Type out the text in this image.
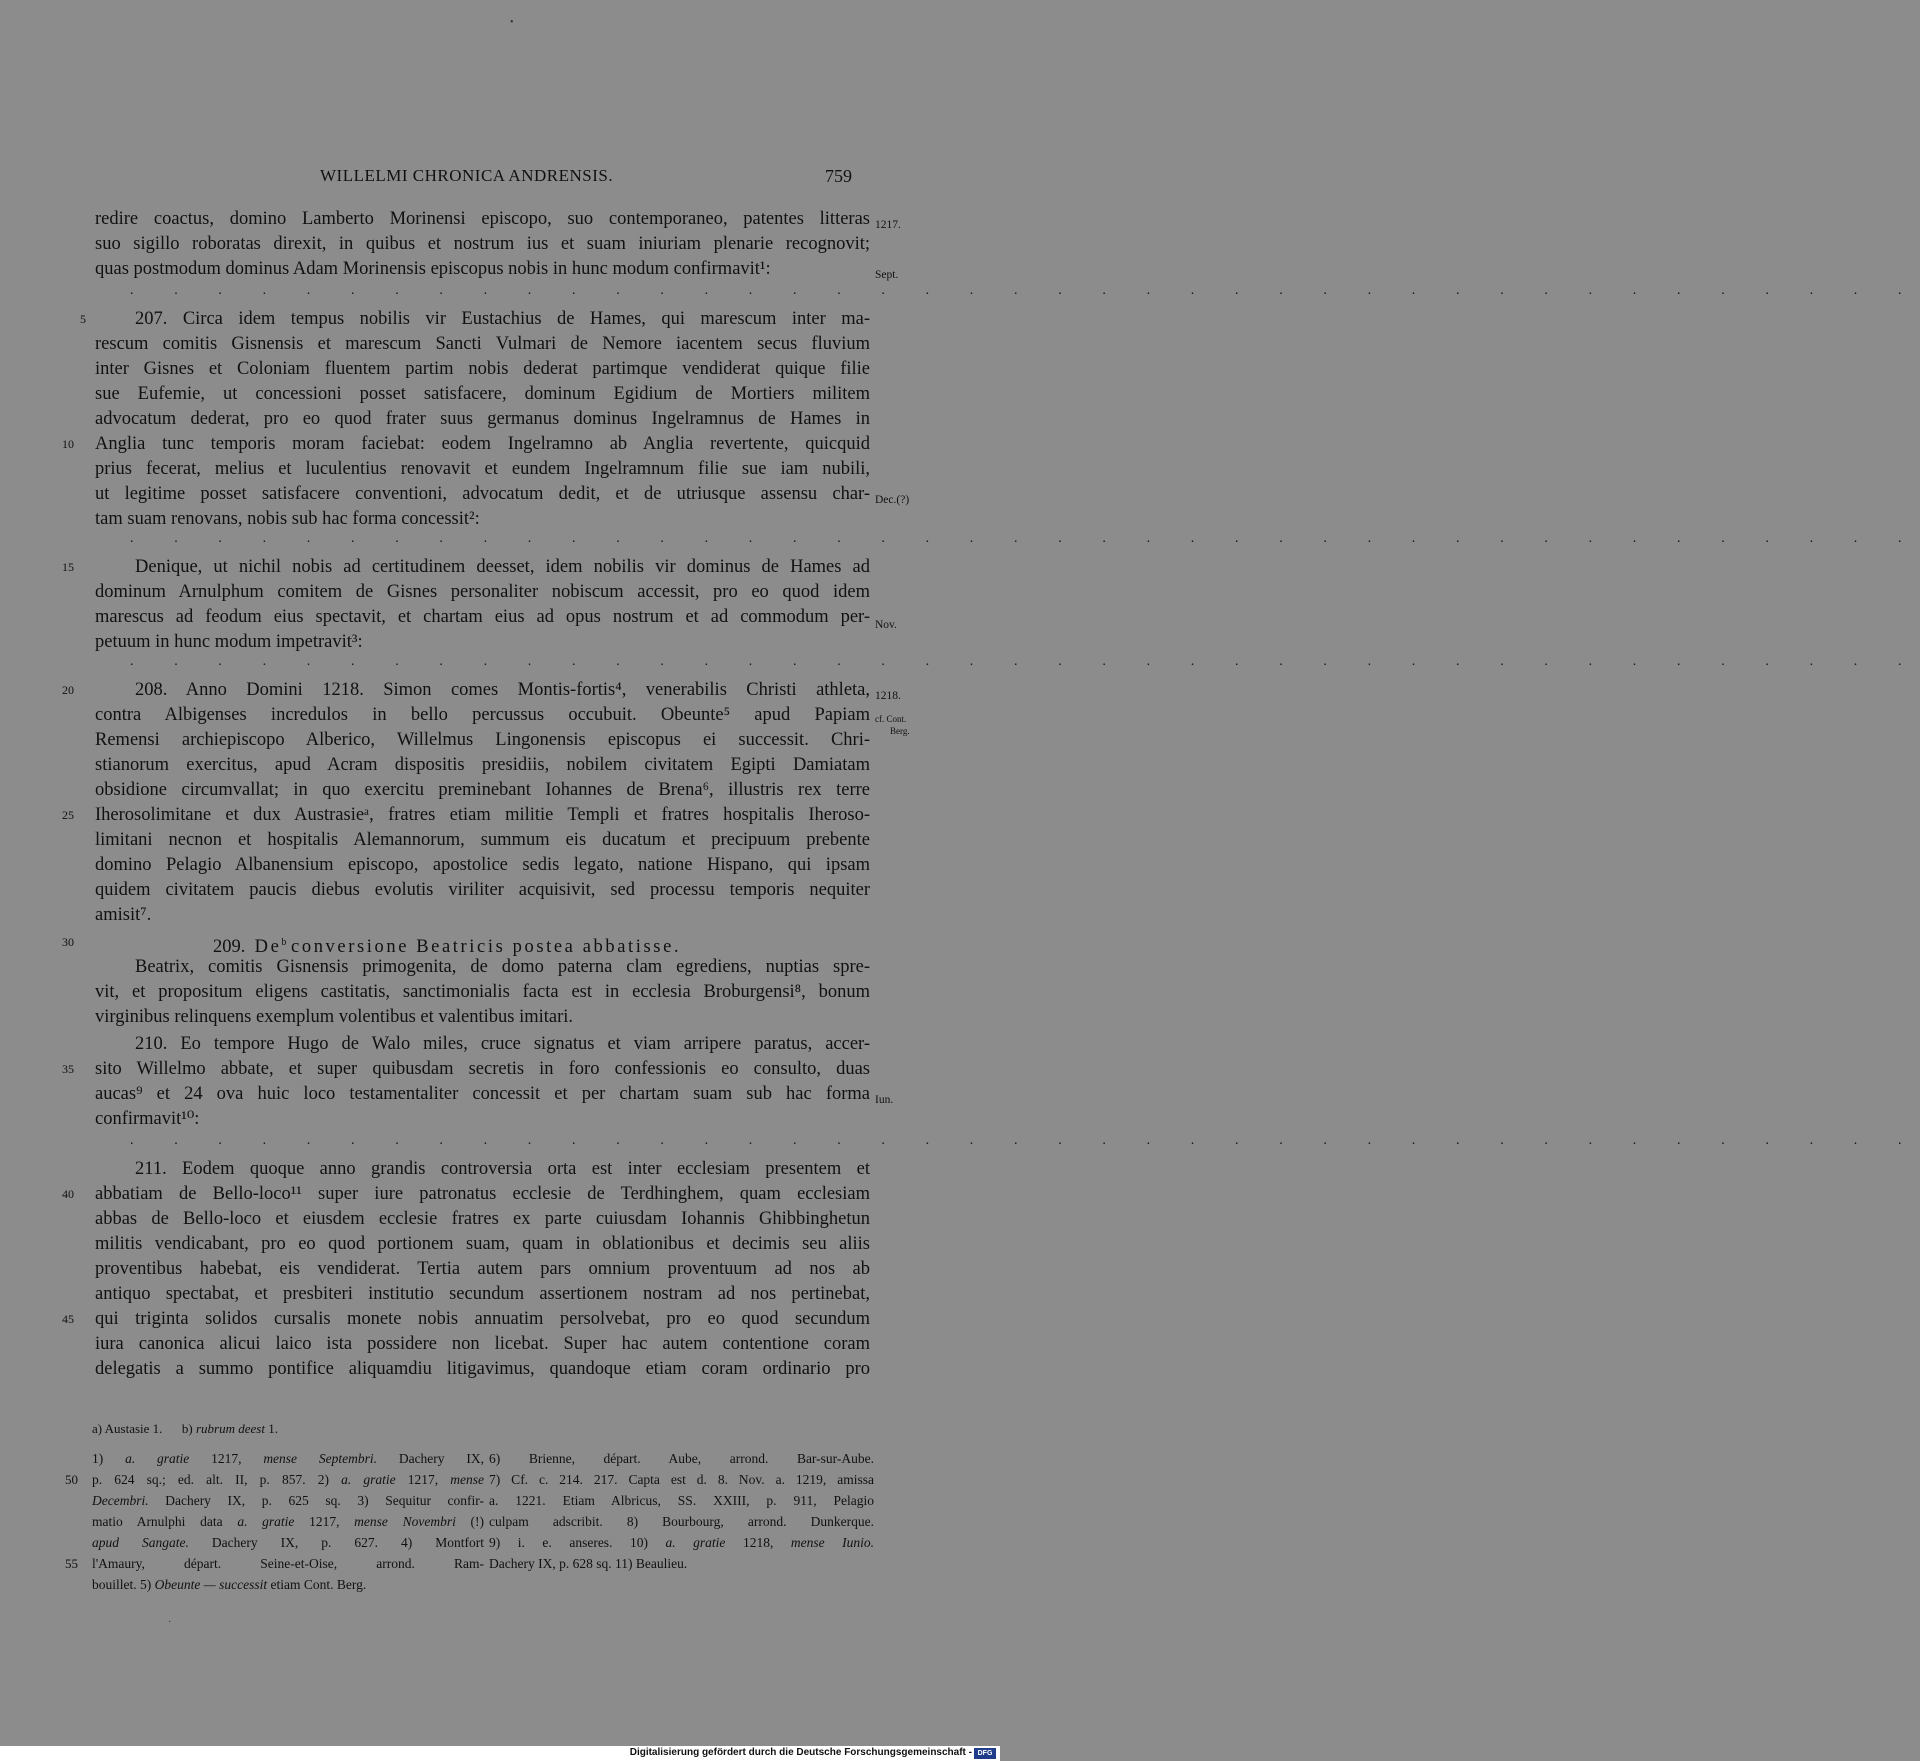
WILLELMI CHRONICA ANDRENSIS.	759
•
redire coactus, domino Lamberto Morinensi episcopo, suo contemporaneo, patentes litteras
suo sigillo roboratas direxit, in quibus et nostrum ius et suam iniuriam plenarie recognovit;
quas postmodum dominus Adam Morinensis episcopus nobis in hunc modum confirmavit¹:
. . . . . . . . . . . . . . . . . . . . . . . . . . . . . . . . . . . . . . . . .
207. Circa idem tempus nobilis vir Eustachius de Hames, qui marescum inter ma-
rescum comitis Gisnensis et marescum Sancti Vulmari de Nemore iacentem secus fluvium
inter Gisnes et Coloniam fluentem partim nobis dederat partimque vendiderat quique filie
sue Eufemie, ut concessioni posset satisfacere, dominum Egidium de Mortiers militem
advocatum dederat, pro eo quod frater suus germanus dominus Ingelramnus de Hames in
Anglia tunc temporis moram faciebat: eodem Ingelramno ab Anglia revertente, quicquid
prius fecerat, melius et luculentius renovavit et eundem Ingelramnum filie sue iam nubili,
ut legitime posset satisfacere conventioni, advocatum dedit, et de utriusque assensu char-
tam suam renovans, nobis sub hac forma concessit²:
. . . . . . . . . . . . . . . . . . . . . . . . . . . . . . . . . . . . . . . . .
Denique, ut nichil nobis ad certitudinem deesset, idem nobilis vir dominus de Hames ad
dominum Arnulphum comitem de Gisnes personaliter nobiscum accessit, pro eo quod idem
marescus ad feodum eius spectavit, et chartam eius ad opus nostrum et ad commodum per-
petuum in hunc modum impetravit³:
. . . . . . . . . . . . . . . . . . . . . . . . . . . . . . . . . . . . . . . . .
208. Anno Domini 1218. Simon comes Montis-fortis⁴, venerabilis Christi athleta,
contra Albigenses incredulos in bello percussus occubuit. Obeunte⁵ apud Papiam
Remensi archiepiscopo Alberico, Willelmus Lingonensis episcopus ei successit. Chri-
stianorum exercitus, apud Acram dispositis presidiis, nobilem civitatem Egipti Damiatam
obsidione circumvallat; in quo exercitu preminebant Iohannes de Brena⁶, illustris rex terre
Iherosolimitane et dux Austrasieᵃ, fratres etiam militie Templi et fratres hospitalis Iheroso-
limitani necnon et hospitalis Alemannorum, summum eis ducatum et precipuum prebente
domino Pelagio Albanensium episcopo, apostolice sedis legato, natione Hispano, qui ipsam
quidem civitatem paucis diebus evolutis viriliter acquisivit, sed processu temporis nequiter
amisit⁷.
209. De$^b$ conversione Beatricis postea abbatisse.
Beatrix, comitis Gisnensis primogenita, de domo paterna clam egrediens, nuptias spre-
vit, et propositum eligens castitatis, sanctimonialis facta est in ecclesia Broburgensi⁸, bonum
virginibus relinquens exemplum volentibus et valentibus imitari.
210. Eo tempore Hugo de Walo miles, cruce signatus et viam arripere paratus, accer-
sito Willelmo abbate, et super quibusdam secretis in foro confessionis eo consulto, duas
aucas⁹ et 24 ova huic loco testamentaliter concessit et per chartam suam sub hac forma
confirmavit¹⁰:
. . . . . . . . . . . . . . . . . . . . . . . . . . . . . . . . . . . . . . . . .
211. Eodem quoque anno grandis controversia orta est inter ecclesiam presentem et
abbatiam de Bello-loco¹¹ super iure patronatus ecclesie de Terdhinghem, quam ecclesiam
abbas de Bello-loco et eiusdem ecclesie fratres ex parte cuiusdam Iohannis Ghibbinghetun
militis vendicabant, pro eo quod portionem suam, quam in oblationibus et decimis seu aliis
proventibus habebat, eis vendiderat. Tertia autem pars omnium proventuum ad nos ab
antiquo spectabat, et presbiteri institutio secundum assertionem nostram ad nos pertinebat,
qui triginta solidos cursalis monete nobis annuatim persolvebat, pro eo quod secundum
iura canonica alicui laico ista possidere non licebat. Super hac autem contentione coram
delegatis a summo pontifice aliquamdiu litigavimus, quandoque etiam coram ordinario pro
5
10
15
20
25
30
35
40
45
1217.
Sept.
Dec.(?)
Nov.
1218.
cf. Cont.
Berg.
Iun.
a) Austasie 1. b) rubrum deest 1.
1) a. gratie 1217, mense Septembri. Dachery IX,
p. 624 sq.; ed. alt. II, p. 857. 2) a. gratie 1217, mense
Decembri. Dachery IX, p. 625 sq. 3) Sequitur confir-
matio Arnulphi data a. gratie 1217, mense Novembri (!)
apud Sangate. Dachery IX, p. 627. 4) Montfort
l'Amaury, départ. Seine-et-Oise, arrond. Ram-
bouillet. 5) Obeunte — successit etiam Cont. Berg.
6) Brienne, départ. Aube, arrond. Bar-sur-Aube.
7) Cf. c. 214. 217. Capta est d. 8. Nov. a. 1219, amissa
a. 1221. Etiam Albricus, SS. XXIII, p. 911, Pelagio
culpam adscribit. 8) Bourbourg, arrond. Dunkerque.
9) i. e. anseres. 10) a. gratie 1218, mense Iunio.
Dachery IX, p. 628 sq. 11) Beaulieu.
50
55
·
Digitalisierung gefördert durch die Deutsche Forschungsgemeinschaft - DFG
